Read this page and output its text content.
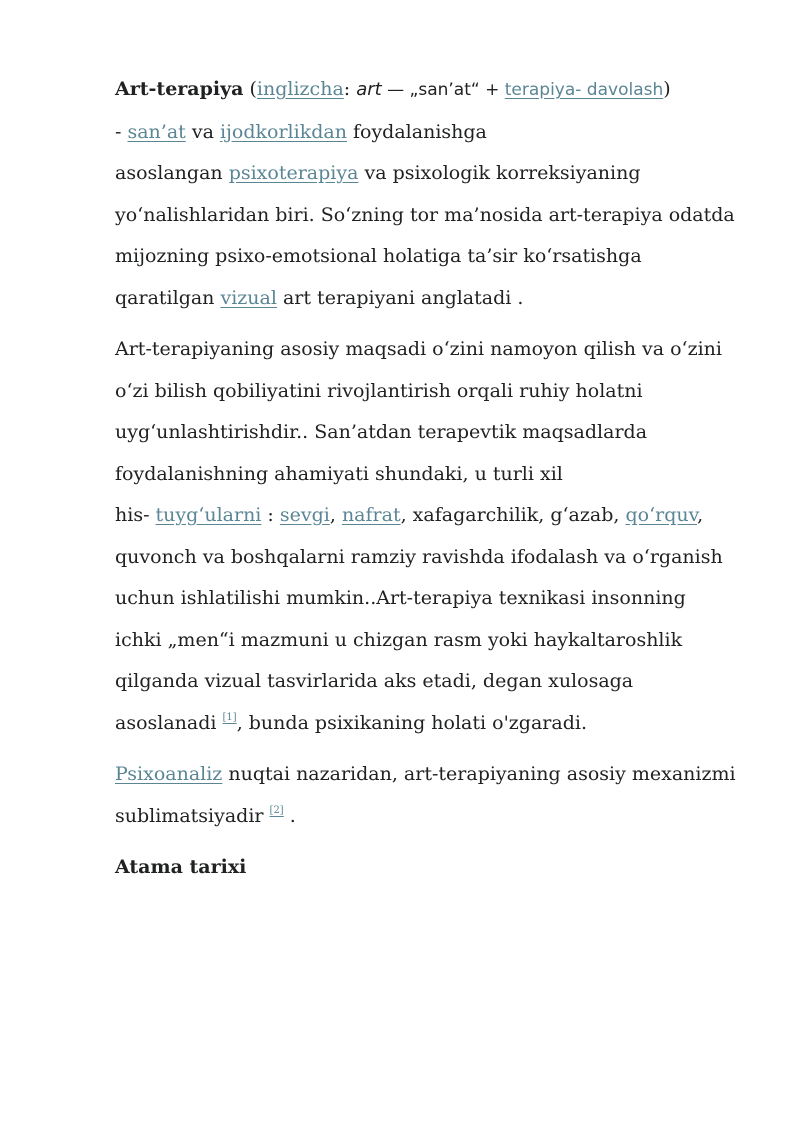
Art-terapiya (inglizcha: art — „san’at“ + terapiya- davolash)
- san’at va ijodkorlikdan foydalanishga
asoslangan psixoterapiya va psixologik korreksiyaning
yo‘nalishlaridan biri. So‘zning tor ma’nosida art-terapiya odatda
mijozning psixo-emotsional holatiga ta’sir ko‘rsatishga
qaratilgan vizual art terapiyani anglatadi .

Art-terapiyaning asosiy maqsadi o‘zini namoyon qilish va o‘zini
o‘zi bilish qobiliyatini rivojlantirish orqali ruhiy holatni
uyg‘unlashtirishdir.. San’atdan terapevtik maqsadlarda
foydalanishning ahamiyati shundaki, u turli xil
his- tuyg‘ularni : sevgi, nafrat, xafagarchilik, g‘azab, qo‘rquv,
quvonch va boshqalarni ramziy ravishda ifodalash va o‘rganish
uchun ishlatilishi mumkin..Art-terapiya texnikasi insonning
ichki „men“i mazmuni u chizgan rasm yoki haykaltaroshlik
qilganda vizual tasvirlarida aks etadi, degan xulosaga
asoslanadi [1], bunda psixikaning holati o'zgaradi.

Psixoanaliz nuqtai nazaridan, art-terapiyaning asosiy mexanizmi
sublimatsiyadir [2] .

Atama tarixi
